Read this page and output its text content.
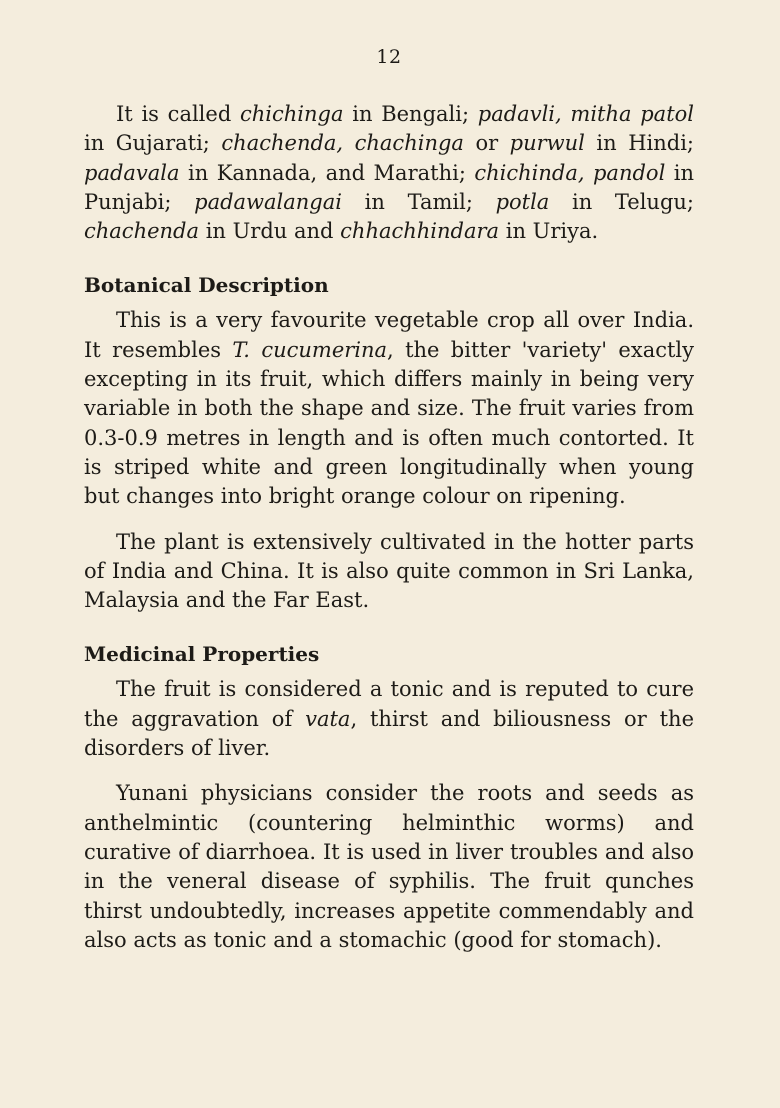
12

It is called chichinga in Bengali; padavli, mitha patol in Gujarati; chachenda, chachinga or purwul in Hindi; padavala in Kannada, and Marathi; chichinda, pandol in Punjabi; padawalangai in Tamil; potla in Telugu; chachenda in Urdu and chhachhindara in Uriya.

Botanical Description

This is a very favourite vegetable crop all over India. It resembles T. cucumerina, the bitter 'variety' exactly excepting in its fruit, which differs mainly in being very variable in both the shape and size. The fruit varies from 0.3-0.9 metres in length and is often much contorted. It is striped white and green longitudinally when young but changes into bright orange colour on ripening.

The plant is extensively cultivated in the hotter parts of India and China. It is also quite common in Sri Lanka, Malaysia and the Far East.

Medicinal Properties

The fruit is considered a tonic and is reputed to cure the aggravation of vata, thirst and biliousness or the disorders of liver.

Yunani physicians consider the roots and seeds as anthelmintic (countering helminthic worms) and curative of diarrhoea. It is used in liver troubles and also in the veneral disease of syphilis. The fruit qunches thirst undoubtedly, increases appetite commendably and also acts as tonic and a stomachic (good for stomach).
